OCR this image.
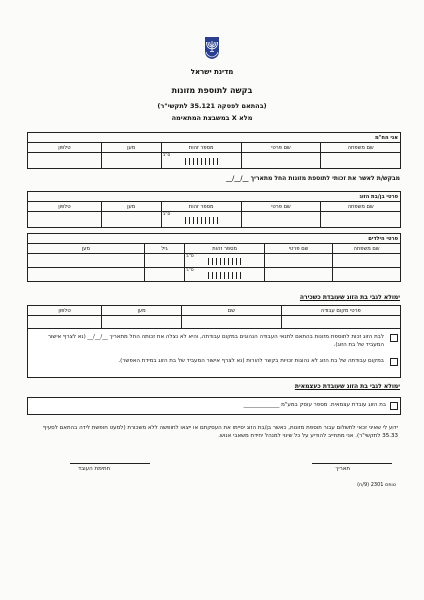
מדינת ישראל
בקשה לתוספת מזונות
(בהתאם לפסקה 35.121 לתקשי"ר)
מלא X במשבצת המתאימה
אני הח"מ				
שם משפחה	שם פרטי	מספר זהות	מען	טלפון

		ס"ב		

מבקש/ת לאשר את זכותי לתוספת מזונות החל מתאריך __/__/__
פרטי בן/בת הזוג				
שם משפחה	שם פרטי	מספר זהות	מען	טלפון

		ס"ב		

פרטי הילדים				
שם משפחה	שם פרטי	מספר זהות	גיל	מען

		ס"ב		

		ס"ב		

ימולא לגבי בת הזוג שעובדת כשכירה
פרטי מקום עבודה	שם	מען	טלפון

לבת הזוג זכות לתוספת מזונות בהתאם לתנאי העבודה הנהוגים במקום עבודתה, והיא לא נצלה את זכותה החל מתאריך __/__/__ (נא לצרף אישור המעביד של בת הזוג).
במקום עבודתה של בת הזוג לא נהוגות זכויות בקשר להורות (נא לצרף אישור המעביד של בת הזוג במידת האפשר).
ימולא לגבי בת הזוג שעובדת כעצמאית
בת הזוג עובדת עצמאית. מספר עוסק במע"מ _____________
ידוע לי שאיני זכאי לתשלום עבור תוספת מזונות, כאשר בן/בת הזוג יסיימו את העסקתם או ייצאו לחופשה ללא משכורת (למעט חופשת לידה בהתאם לסעיף 35.33 לתקשי"ר). אני מתחייב להודיע על כל שינוי למנהל יחידת משאבי אנוש.
תאריך
חתימת העובד
טופס 2301 (9/ח)
